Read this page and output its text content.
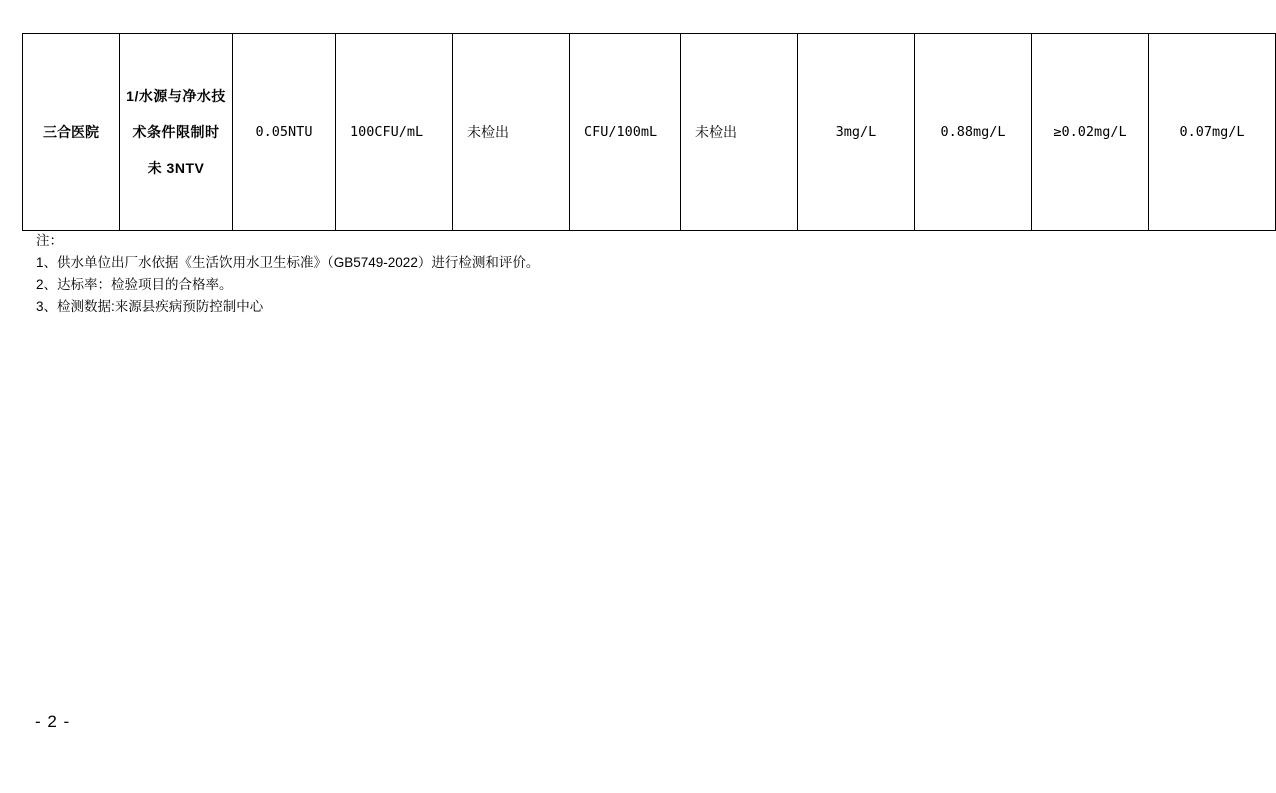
三合医院	1/水源与净水技术条件限制时未 3NTV	0.05NTU	100CFU/mL	未检出	CFU/100mL	未检出	3mg/L	0.88mg/L	≥0.02mg/L	0.07mg/L
注：
1、供水单位出厂水依据《生活饮用水卫生标准》（GB5749-2022）进行检测和评价。
2、达标率：检验项目的合格率。
3、检测数据:来源县疾病预防控制中心
- 2 -
